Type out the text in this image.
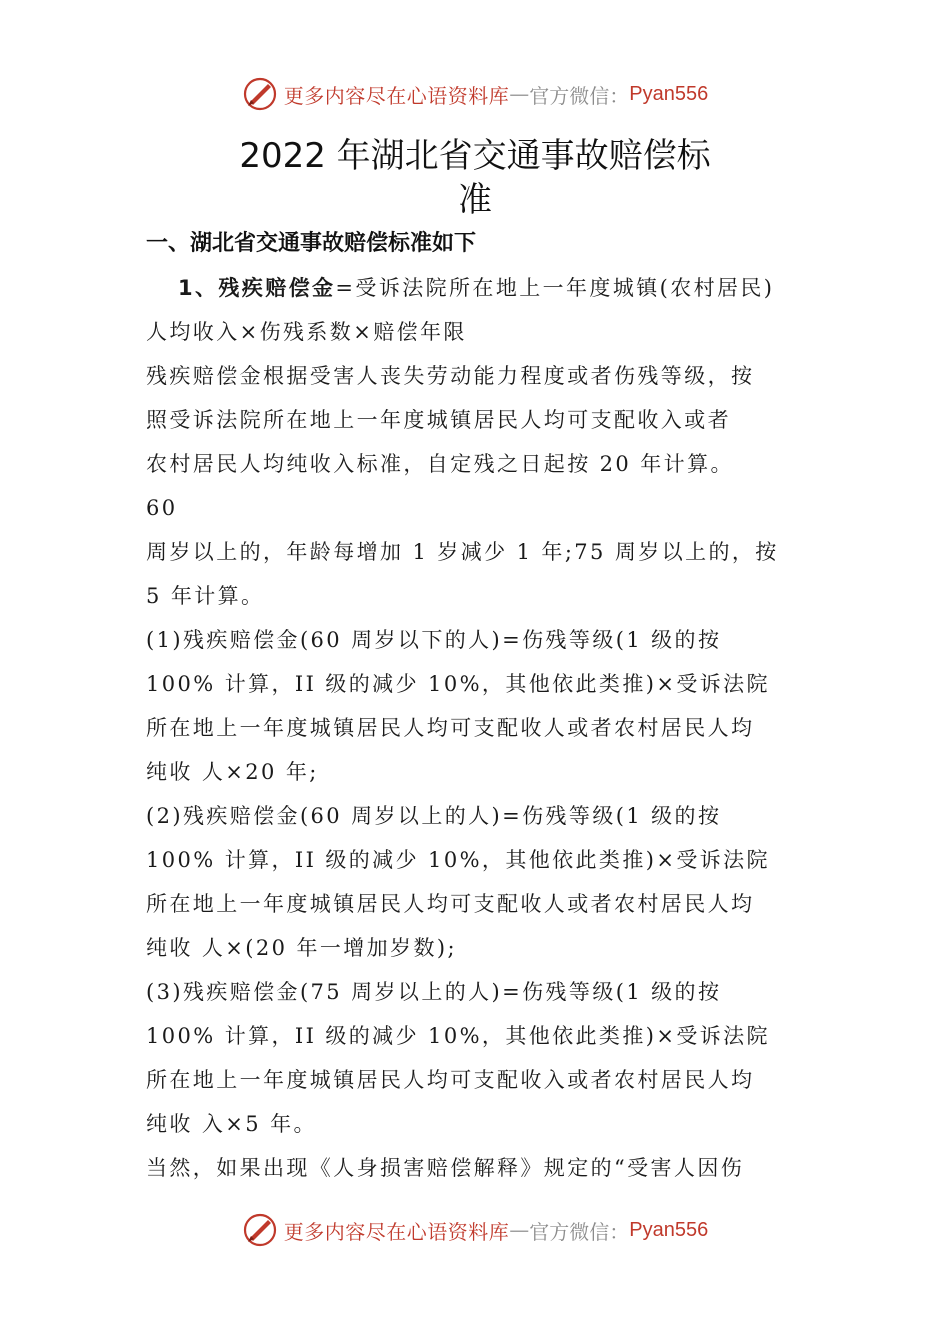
更多内容尽在心语资料库 — 官方微信： Pyan556
2022 年湖北省交通事故赔偿标
准
一、湖北省交通事故赔偿标准如下
1、残疾赔偿金=受诉法院所在地上一年度城镇(农村居民)
人均收入×伤残系数×赔偿年限
残疾赔偿金根据受害人丧失劳动能力程度或者伤残等级，按
照受诉法院所在地上一年度城镇居民人均可支配收入或者
农村居民人均纯收入标准，自定残之日起按 20 年计算。
60
周岁以上的，年龄每增加 1 岁减少 1 年;75 周岁以上的，按
5 年计算。
(1)残疾赔偿金(60 周岁以下的人)=伤残等级(1 级的按
100% 计算，II 级的减少 10%，其他依此类推)×受诉法院
所在地上一年度城镇居民人均可支配收人或者农村居民人均
纯收 人×20 年;
(2)残疾赔偿金(60 周岁以上的人)=伤残等级(1 级的按
100% 计算，II 级的减少 10%，其他依此类推)×受诉法院
所在地上一年度城镇居民人均可支配收人或者农村居民人均
纯收 人×(20 年一增加岁数);
(3)残疾赔偿金(75 周岁以上的人)=伤残等级(1 级的按
100% 计算，II 级的减少 10%，其他依此类推)×受诉法院
所在地上一年度城镇居民人均可支配收入或者农村居民人均
纯收 入×5 年。
当然，如果出现《人身损害赔偿解释》规定的“受害人因伤
更多内容尽在心语资料库 — 官方微信： Pyan556
